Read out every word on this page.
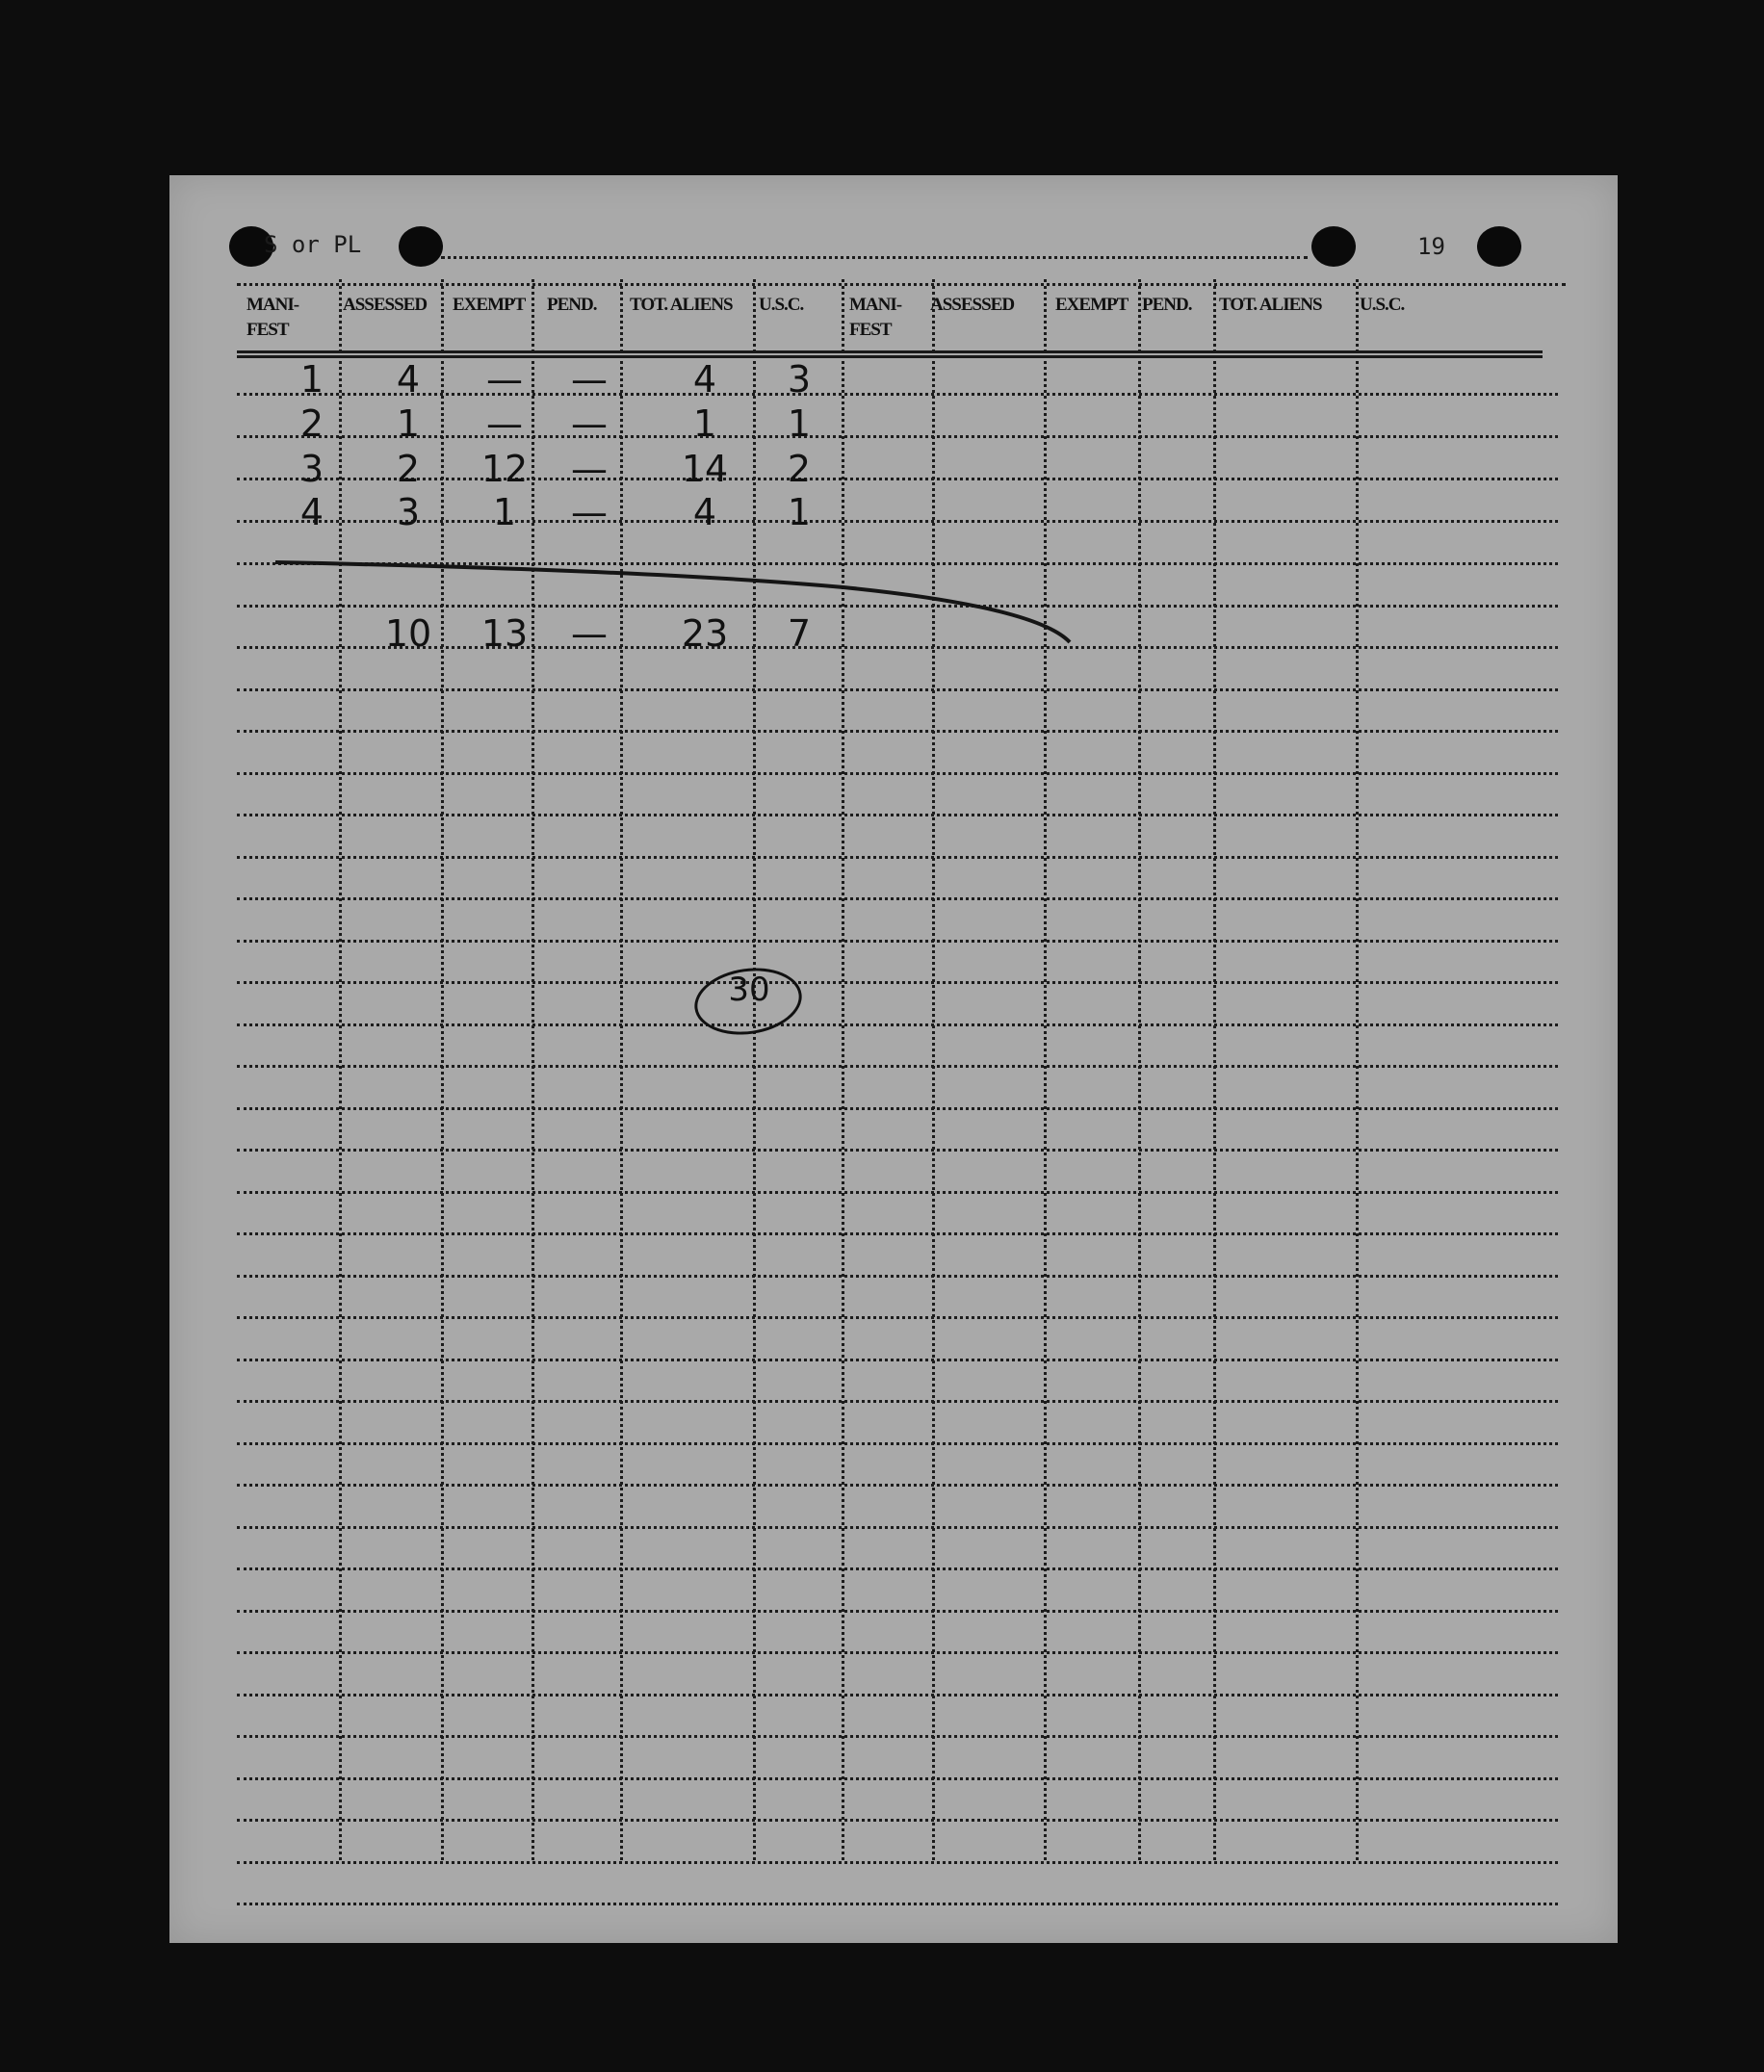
S or PL	19
MANI-
FEST
ASSESSED EXEMPT PEND. TOT. ALIENS U.S.C.	MANI-
FEST
ASSESSED EXEMPT PEND. TOT. ALIENS U.S.C.
1 4 — — 4 3
2 1 — — 1 1
3 2 12 — 14 2
4 3 1 — 4 1
10 13 — 23 7
30
